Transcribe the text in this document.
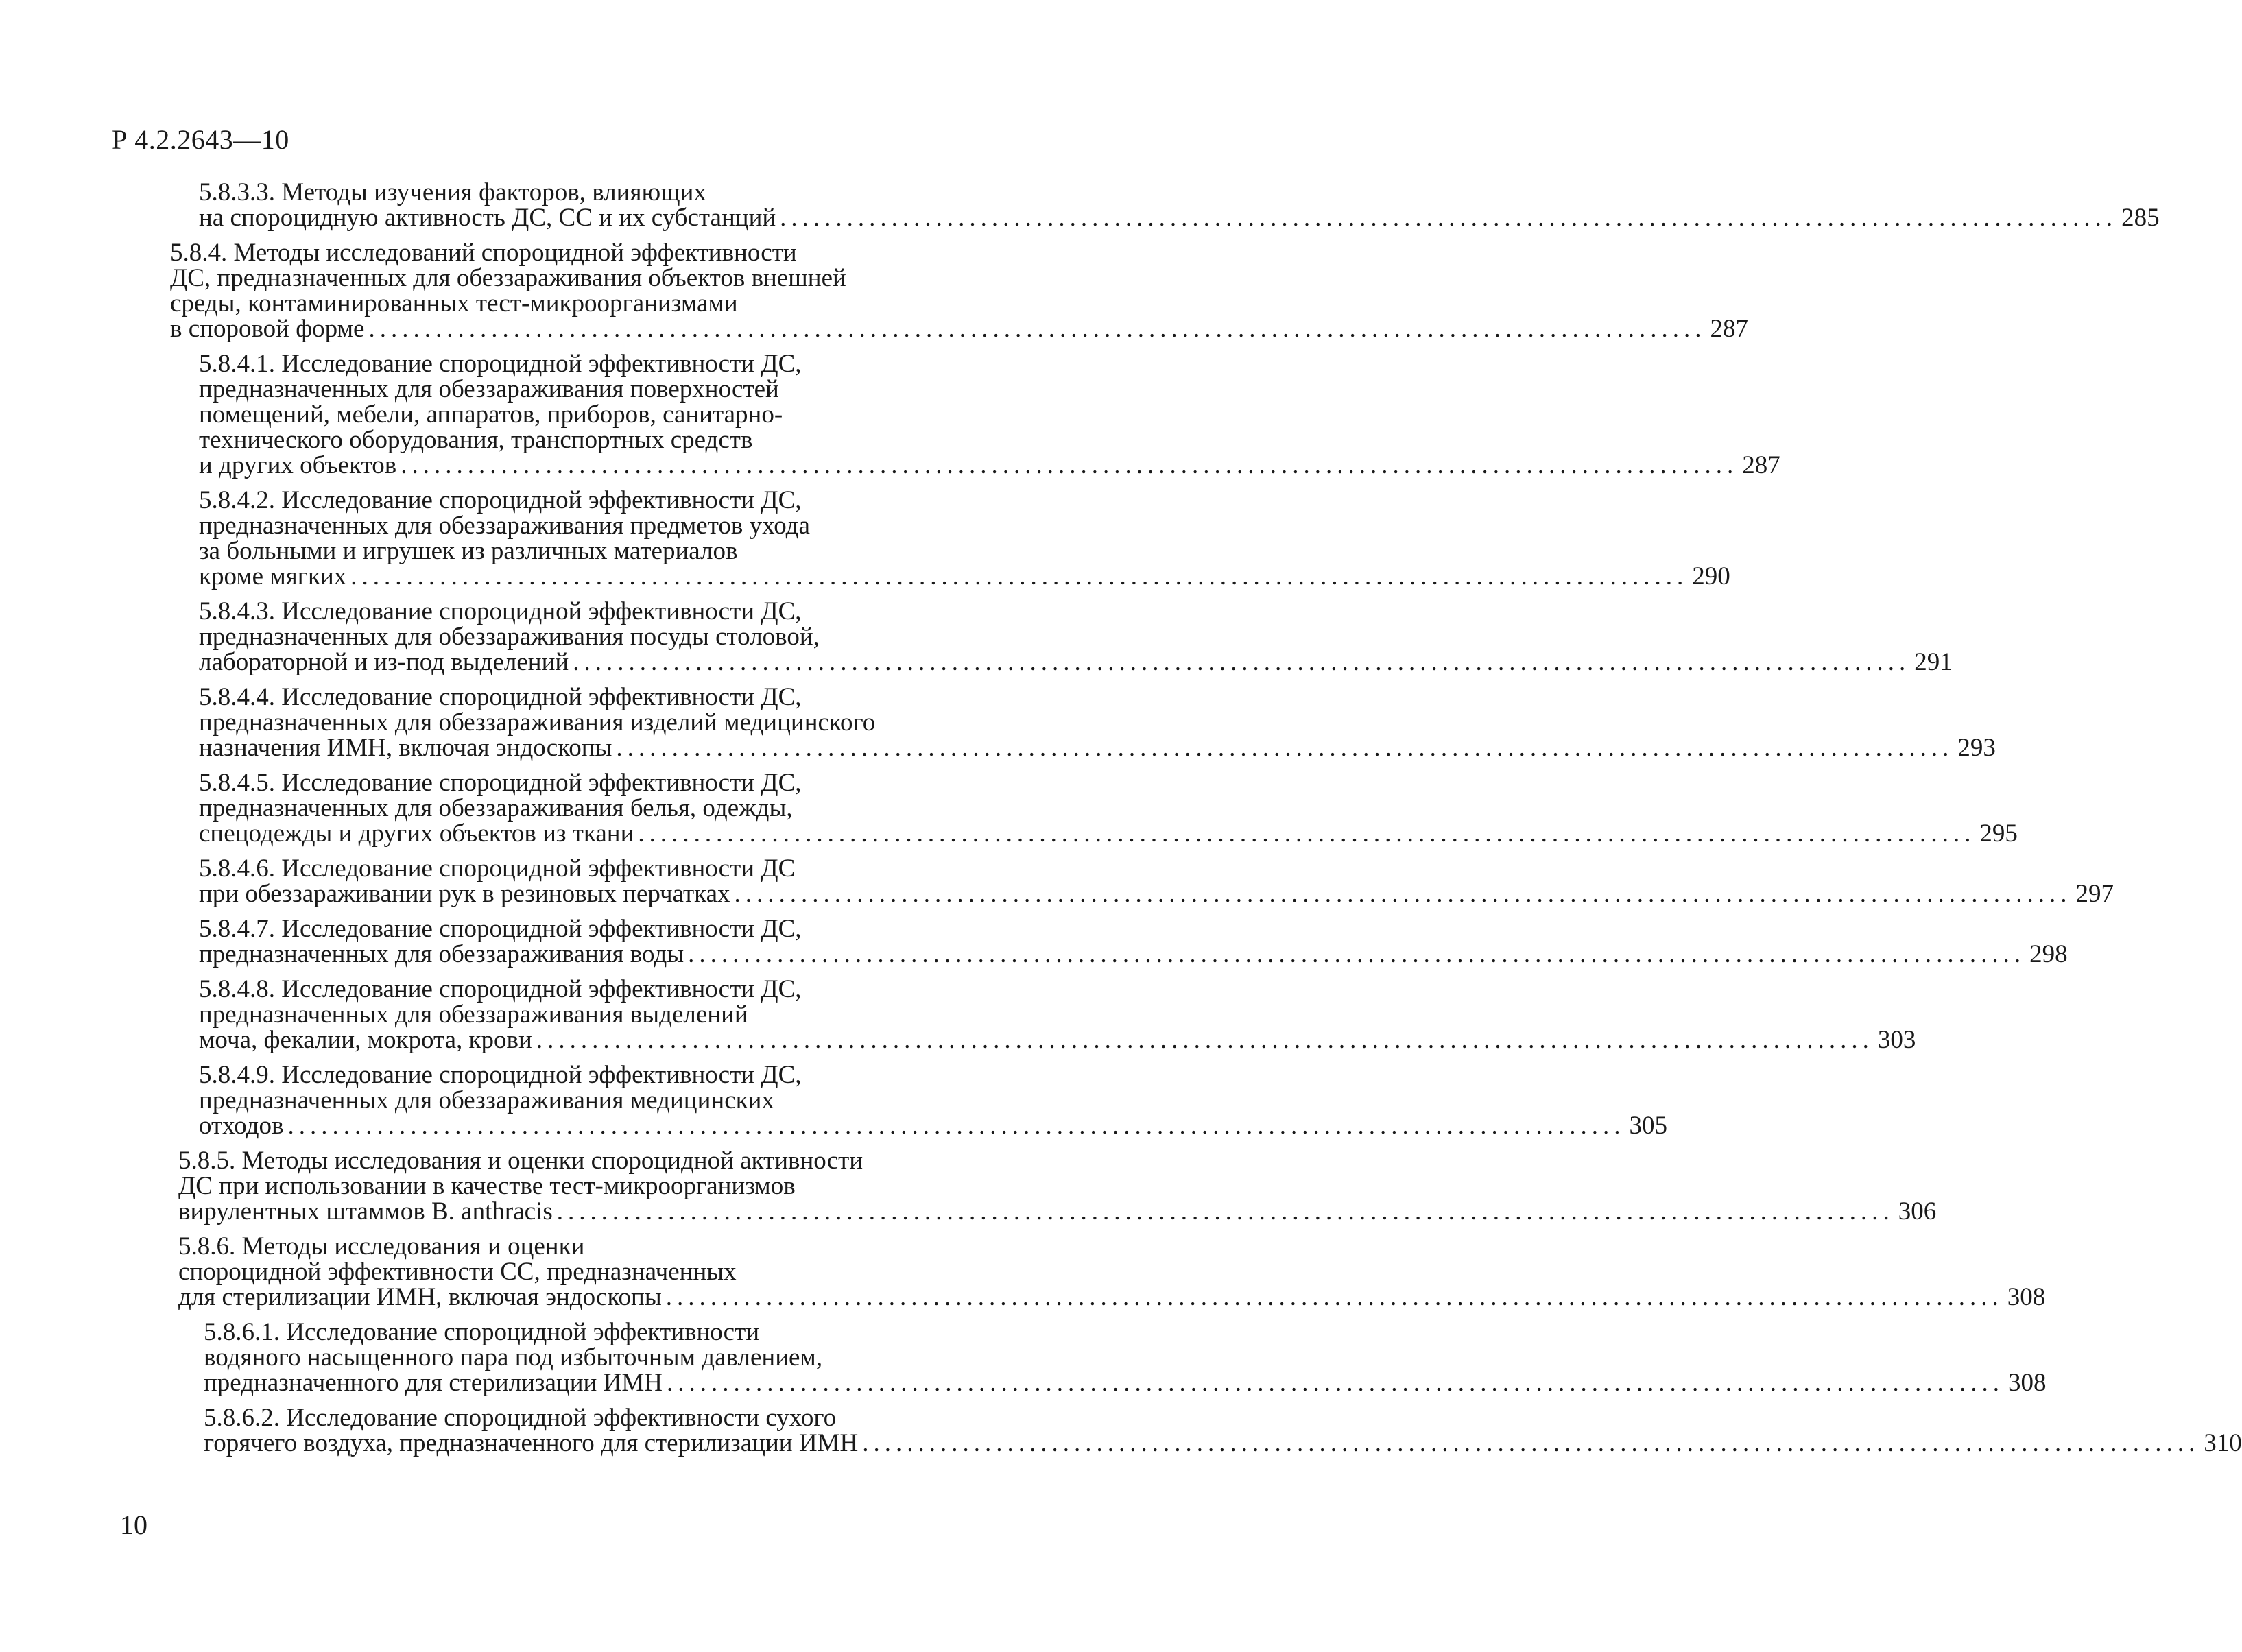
Р 4.2.2643—10
5.8.3.3. Методы изучения факторов, влияющих
на спороцидную активность ДС, СС и их субстанций ........................................................................................................................ 285
5.8.4. Методы исследований спороцидной эффективности
ДС, предназначенных для обеззараживания объектов внешней
среды, контаминированных тест-микроорганизмами
в споровой форме ........................................................................................................................ 287
5.8.4.1. Исследование спороцидной эффективности ДС,
предназначенных для обеззараживания поверхностей
помещений, мебели, аппаратов, приборов, санитарно-
технического оборудования, транспортных средств
и других объектов ........................................................................................................................ 287
5.8.4.2. Исследование спороцидной эффективности ДС,
предназначенных для обеззараживания предметов ухода
за больными и игрушек из различных материалов
кроме мягких ........................................................................................................................ 290
5.8.4.3. Исследование спороцидной эффективности ДС,
предназначенных для обеззараживания посуды столовой,
лабораторной и из-под выделений ........................................................................................................................ 291
5.8.4.4. Исследование спороцидной эффективности ДС,
предназначенных для обеззараживания изделий медицинского
назначения ИМН, включая эндоскопы ........................................................................................................................ 293
5.8.4.5. Исследование спороцидной эффективности ДС,
предназначенных для обеззараживания белья, одежды,
спецодежды и других объектов из ткани ........................................................................................................................ 295
5.8.4.6. Исследование спороцидной эффективности ДС
при обеззараживании рук в резиновых перчатках ........................................................................................................................ 297
5.8.4.7. Исследование спороцидной эффективности ДС,
предназначенных для обеззараживания воды ........................................................................................................................ 298
5.8.4.8. Исследование спороцидной эффективности ДС,
предназначенных для обеззараживания выделений
моча, фекалии, мокрота, крови ........................................................................................................................ 303
5.8.4.9. Исследование спороцидной эффективности ДС,
предназначенных для обеззараживания медицинских
отходов ........................................................................................................................ 305
5.8.5. Методы исследования и оценки спороцидной активности
ДС при использовании в качестве тест-микроорганизмов
вирулентных штаммов B. anthracis ........................................................................................................................ 306
5.8.6. Методы исследования и оценки
спороцидной эффективности СС, предназначенных
для стерилизации ИМН, включая эндоскопы ........................................................................................................................ 308
5.8.6.1. Исследование спороцидной эффективности
водяного насыщенного пара под избыточным давлением,
предназначенного для стерилизации ИМН ........................................................................................................................ 308
5.8.6.2. Исследование спороцидной эффективности сухого
горячего воздуха, предназначенного для стерилизации ИМН ........................................................................................................................ 310
10
